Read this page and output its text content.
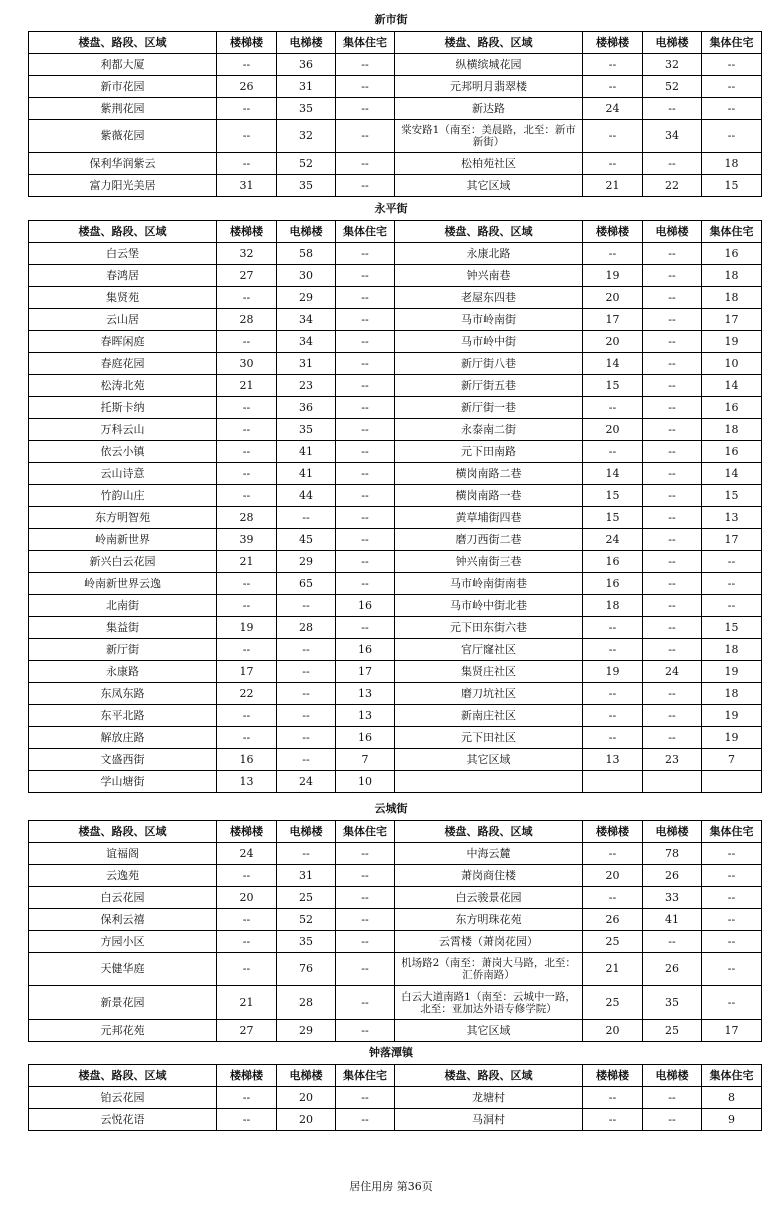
新市街
楼盘、路段、区域	楼梯楼	电梯楼	集体住宅	楼盘、路段、区域	楼梯楼	电梯楼	集体住宅
利都大厦	--	36	--	纵横缤城花园	--	32	--
新市花园	26	31	--	元邦明月翡翠楼	--	52	--
紫荆花园	--	35	--	新达路	24	--	--
紫薇花园	--	32	--	棠安路1（南至：美晨路，北至：新市新街）	--	34	--
保利华润紫云	--	52	--	松柏苑社区	--	--	18
富力阳光美居	31	35	--	其它区域	21	22	15
永平街
楼盘、路段、区域	楼梯楼	电梯楼	集体住宅	楼盘、路段、区域	楼梯楼	电梯楼	集体住宅
白云堡	32	58	--	永康北路	--	--	16
春鸿居	27	30	--	钟兴南巷	19	--	18
集贤苑	--	29	--	老屋东四巷	20	--	18
云山居	28	34	--	马市岭南街	17	--	17
春晖闲庭	--	34	--	马市岭中街	20	--	19
春庭花园	30	31	--	新厅街八巷	14	--	10
松涛北苑	21	23	--	新厅街五巷	15	--	14
托斯卡纳	--	36	--	新厅街一巷	--	--	16
万科云山	--	35	--	永泰南二街	20	--	18
依云小镇	--	41	--	元下田南路	--	--	16
云山诗意	--	41	--	横岗南路二巷	14	--	14
竹韵山庄	--	44	--	横岗南路一巷	15	--	15
东方明智苑	28	--	--	黄草埔街四巷	15	--	13
岭南新世界	39	45	--	磨刀西街二巷	24	--	17
新兴白云花园	21	29	--	钟兴南街三巷	16	--	--
岭南新世界云逸	--	65	--	马市岭南街南巷	16	--	--
北南街	--	--	16	马市岭中街北巷	18	--	--
集益街	19	28	--	元下田东街六巷	--	--	15
新厅街	--	--	16	官厅窿社区	--	--	18
永康路	17	--	17	集贤庄社区	19	24	19
东凤东路	22	--	13	磨刀坑社区	--	--	18
东平北路	--	--	13	新南庄社区	--	--	19
解放庄路	--	--	16	元下田社区	--	--	19
文盛西街	16	--	7	其它区域	13	23	7
学山塘街	13	24	10				
云城街
楼盘、路段、区域	楼梯楼	电梯楼	集体住宅	楼盘、路段、区域	楼梯楼	电梯楼	集体住宅
谊福阁	24	--	--	中海云麓	--	78	--
云逸苑	--	31	--	萧岗商住楼	20	26	--
白云花园	20	25	--	白云骏景花园	--	33	--
保利云禧	--	52	--	东方明珠花苑	26	41	--
方园小区	--	35	--	云霄楼（萧岗花园）	25	--	--
天健华庭	--	76	--	机场路2（南至：萧岗大马路，北至：汇侨南路）	21	26	--
新景花园	21	28	--	白云大道南路1（南至：云城中一路，北至：亚加达外语专修学院）	25	35	--
元邦花苑	27	29	--	其它区域	20	25	17
钟落潭镇
楼盘、路段、区域	楼梯楼	电梯楼	集体住宅	楼盘、路段、区域	楼梯楼	电梯楼	集体住宅
铂云花园	--	20	--	龙塘村	--	--	8
云悦花语	--	20	--	马洞村	--	--	9
居住用房 第36页
